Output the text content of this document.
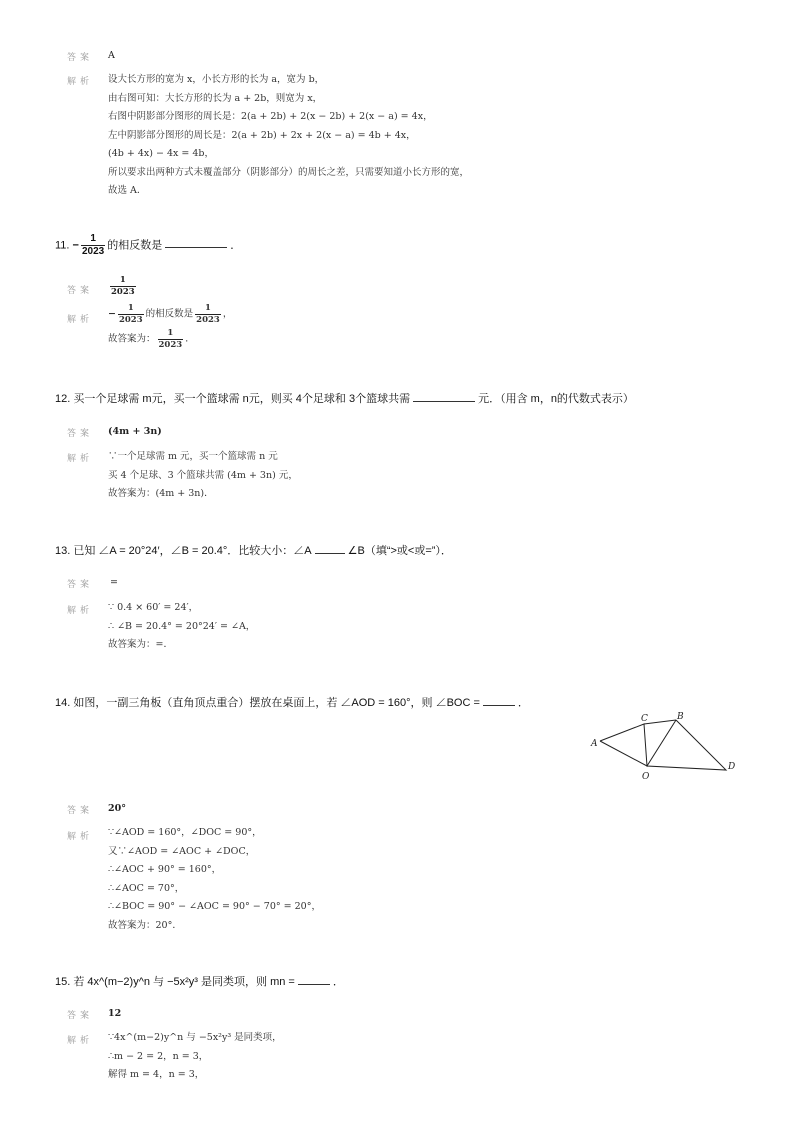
答案 A
解析 设大长方形的宽为 x，小长方形的长为 a，宽为 b，
由右图可知：大长方形的长为 a + 2b，则宽为 x，
右图中阴影部分图形的周长是：2(a + 2b) + 2(x − 2b) + 2(x − a) = 4x，
左中阴影部分图形的周长是：2(a + 2b) + 2x + 2(x − a) = 4b + 4x，
(4b + 4x) − 4x = 4b，
所以要求出两种方式未覆盖部分（阴影部分）的周长之差，只需要知道小长方形的宽，
故选 A．
11. − $\frac{1}{2023}$ 的相反数是	．
答案 $\frac{1}{2023}$
解析 − $\frac{1}{2023}$ 的相反数是 $\frac{1}{2023}$ ，
故答案为： $\frac{1}{2023}$ ．
12. 买一个足球需 m元，买一个篮球需 n元，则买 4个足球和 3个篮球共需	元．（用含 m，n的代数式表示）
答案 (4m + 3n)
解析 ∵一个足球需 m 元，买一个篮球需 n 元
买 4 个足球、3 个篮球共需 (4m + 3n) 元，
故答案为：(4m + 3n)．
13. 已知 ∠A = 20°24′，∠B = 20.4°．比较大小：∠A	∠B（填“>或<或=”）．
答案 =
解析 ∵ 0.4 × 60′ = 24′，
∴ ∠B = 20.4° = 20°24′ = ∠A，
故答案为：=．
14. 如图，一副三角板（直角顶点重合）摆放在桌面上，若 ∠AOD = 160°，则 ∠BOC =	．
A
B
C
D
O
答案 20°
解析 ∵∠AOD = 160°，∠DOC = 90°，
又∵∠AOD = ∠AOC + ∠DOC，
∴∠AOC + 90° = 160°，
∴∠AOC = 70°，
∴∠BOC = 90° − ∠AOC = 90° − 70° = 20°，
故答案为：20°．
15. 若 4x^(m−2)y^n 与 −5x²y³ 是同类项，则 mn =	．
答案 12
解析 ∵4x^(m−2)y^n 与 −5x²y³ 是同类项，
∴m − 2 = 2，n = 3，
解得 m = 4，n = 3，
